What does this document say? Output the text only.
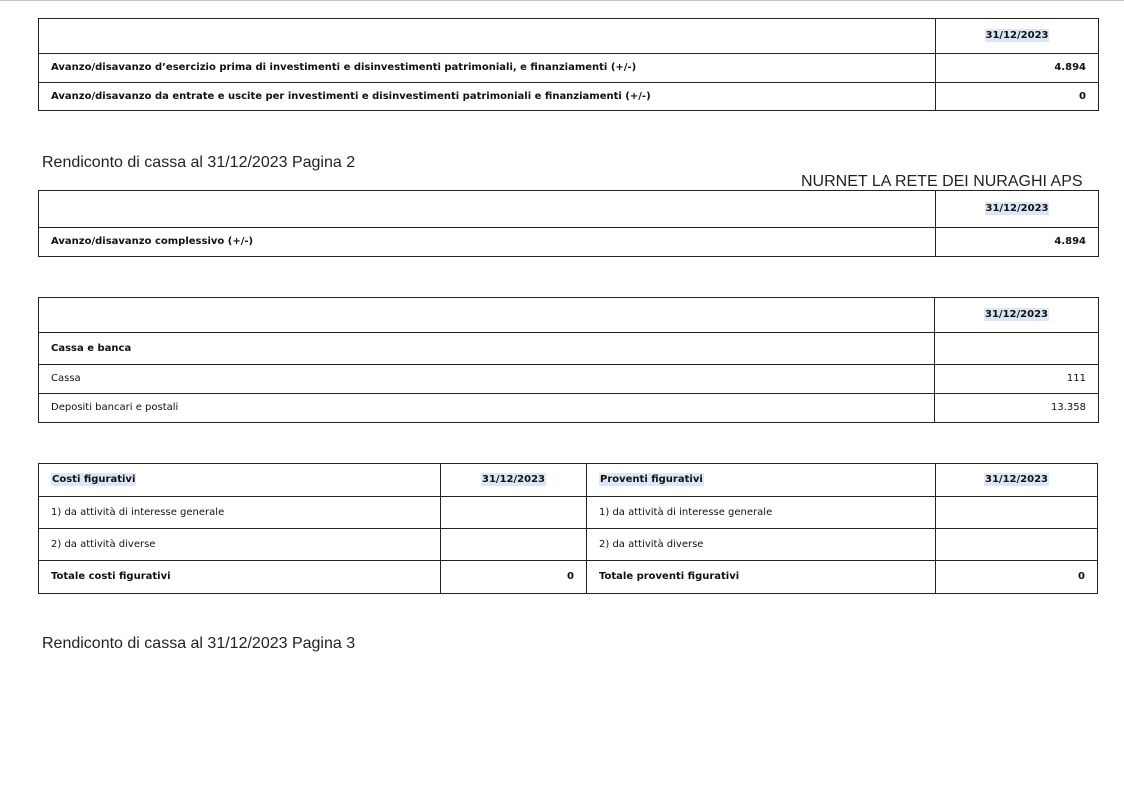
	31/12/2023
Avanzo/disavanzo d’esercizio prima di investimenti e disinvestimenti patrimoniali, e finanziamenti (+/-)	4.894
Avanzo/disavanzo da entrate e uscite per investimenti e disinvestimenti patrimoniali e finanziamenti (+/-)	0
Rendiconto di cassa al 31/12/2023 Pagina 2
NURNET LA RETE DEI NURAGHI APS
	31/12/2023
Avanzo/disavanzo complessivo (+/-)	4.894
	31/12/2023
Cassa e banca	
Cassa	111
Depositi bancari e postali	13.358
Costi figurativi	31/12/2023	Proventi figurativi	31/12/2023
1) da attività di interesse generale		1) da attività di interesse generale	
2) da attività diverse		2) da attività diverse	
Totale costi figurativi	0	Totale proventi figurativi	0
Rendiconto di cassa al 31/12/2023 Pagina 3
